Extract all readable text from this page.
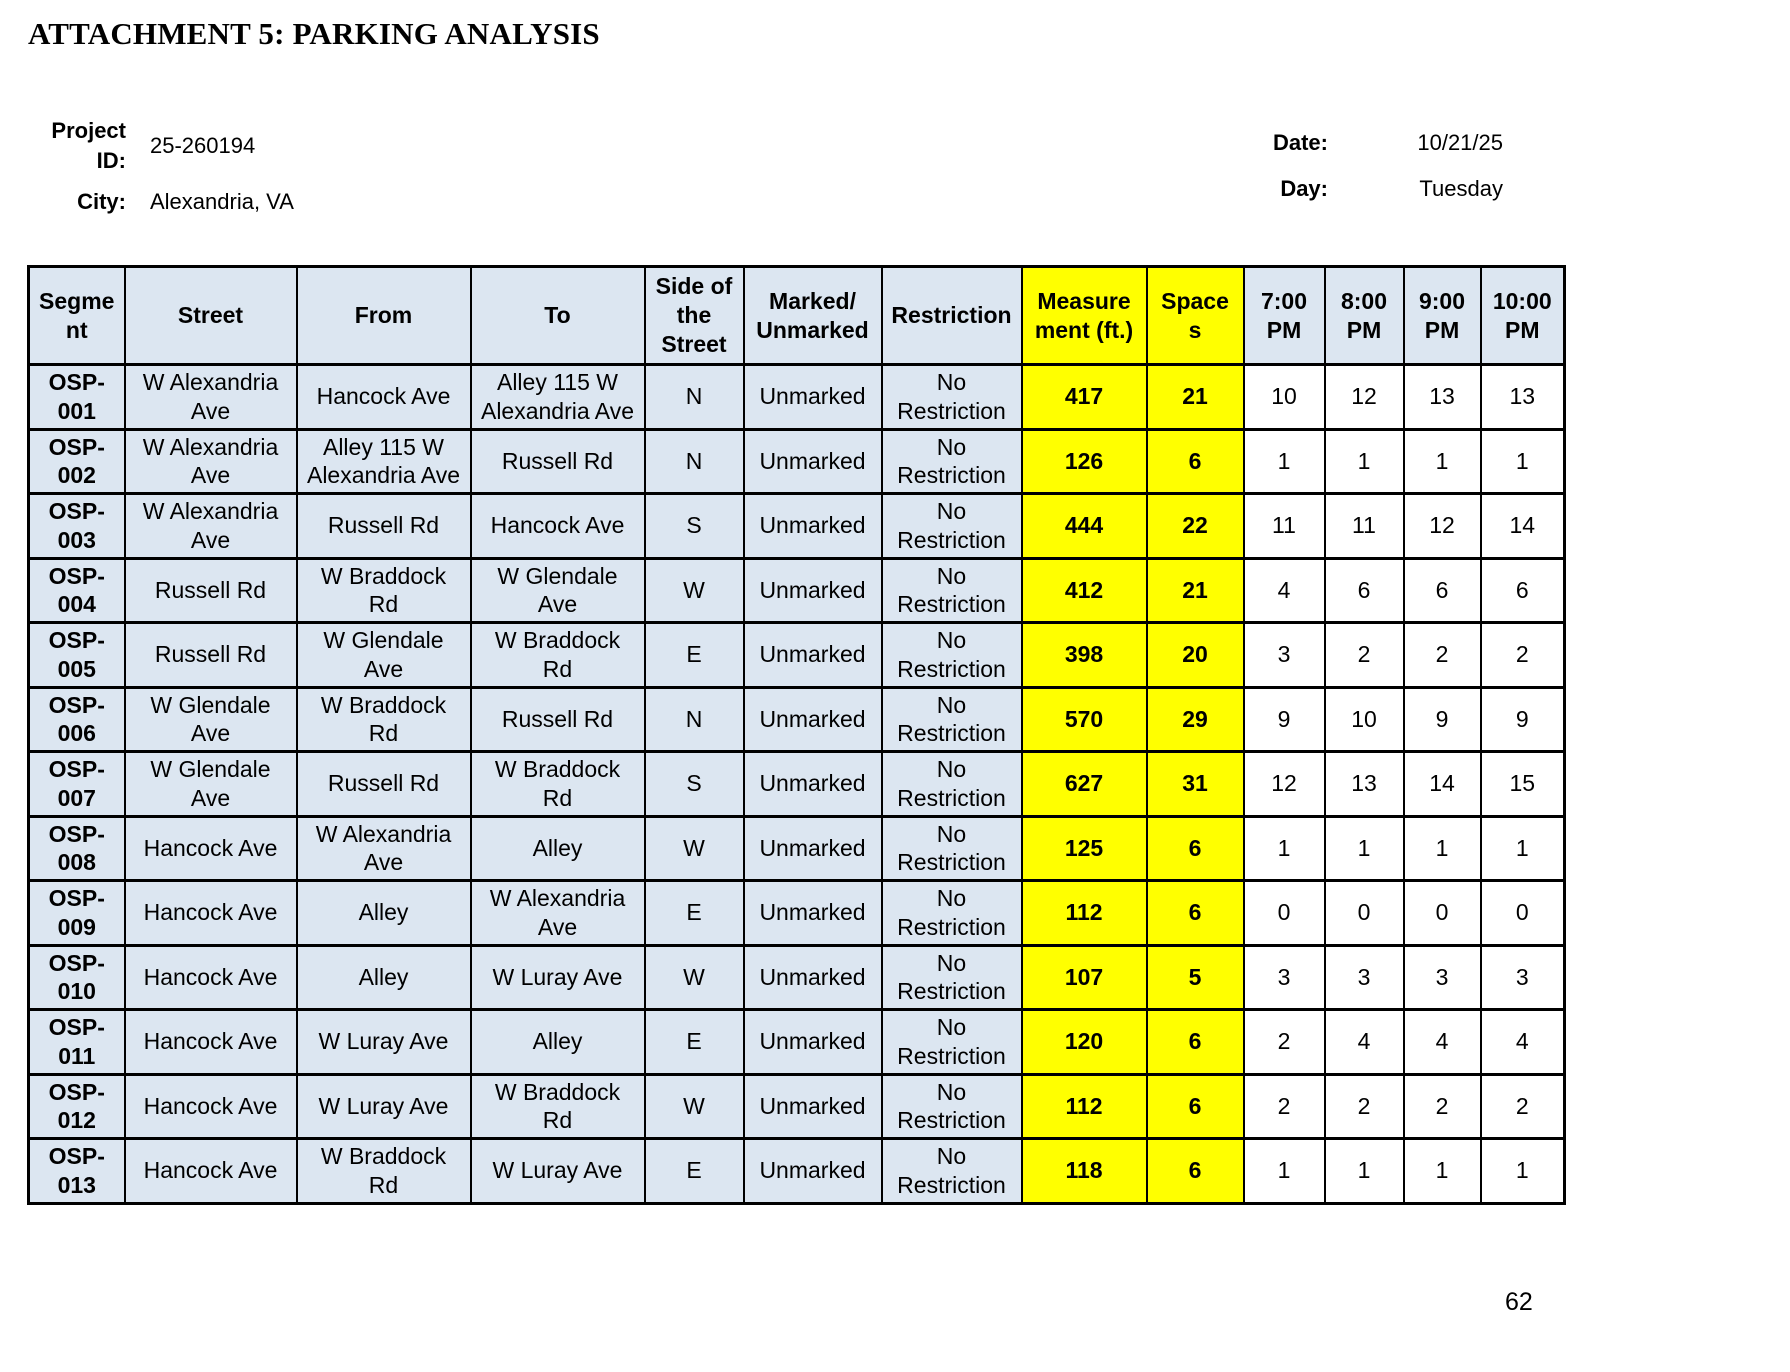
ATTACHMENT 5: PARKING ANALYSIS
Project ID:
25-260194
City: Alexandria, VA
Date:	10/21/25
Day:	Tuesday
Segment	Street	From	To	Side of the Street	Marked/ Unmarked	Restriction	Measurement (ft.)	Spaces	7:00 PM	8:00 PM	9:00 PM	10:00 PM
OSP-001	W Alexandria Ave	Hancock Ave	Alley 115 W Alexandria Ave	N	Unmarked	No Restriction	417	21	10	12	13	13
OSP-002	W Alexandria Ave	Alley 115 W Alexandria Ave	Russell Rd	N	Unmarked	No Restriction	126	6	1	1	1	1
OSP-003	W Alexandria Ave	Russell Rd	Hancock Ave	S	Unmarked	No Restriction	444	22	11	11	12	14
OSP-004	Russell Rd	W Braddock Rd	W Glendale Ave	W	Unmarked	No Restriction	412	21	4	6	6	6
OSP-005	Russell Rd	W Glendale Ave	W Braddock Rd	E	Unmarked	No Restriction	398	20	3	2	2	2
OSP-006	W Glendale Ave	W Braddock Rd	Russell Rd	N	Unmarked	No Restriction	570	29	9	10	9	9
OSP-007	W Glendale Ave	Russell Rd	W Braddock Rd	S	Unmarked	No Restriction	627	31	12	13	14	15
OSP-008	Hancock Ave	W Alexandria Ave	Alley	W	Unmarked	No Restriction	125	6	1	1	1	1
OSP-009	Hancock Ave	Alley	W Alexandria Ave	E	Unmarked	No Restriction	112	6	0	0	0	0
OSP-010	Hancock Ave	Alley	W Luray Ave	W	Unmarked	No Restriction	107	5	3	3	3	3
OSP-011	Hancock Ave	W Luray Ave	Alley	E	Unmarked	No Restriction	120	6	2	4	4	4
OSP-012	Hancock Ave	W Luray Ave	W Braddock Rd	W	Unmarked	No Restriction	112	6	2	2	2	2
OSP-013	Hancock Ave	W Braddock Rd	W Luray Ave	E	Unmarked	No Restriction	118	6	1	1	1	1
62
